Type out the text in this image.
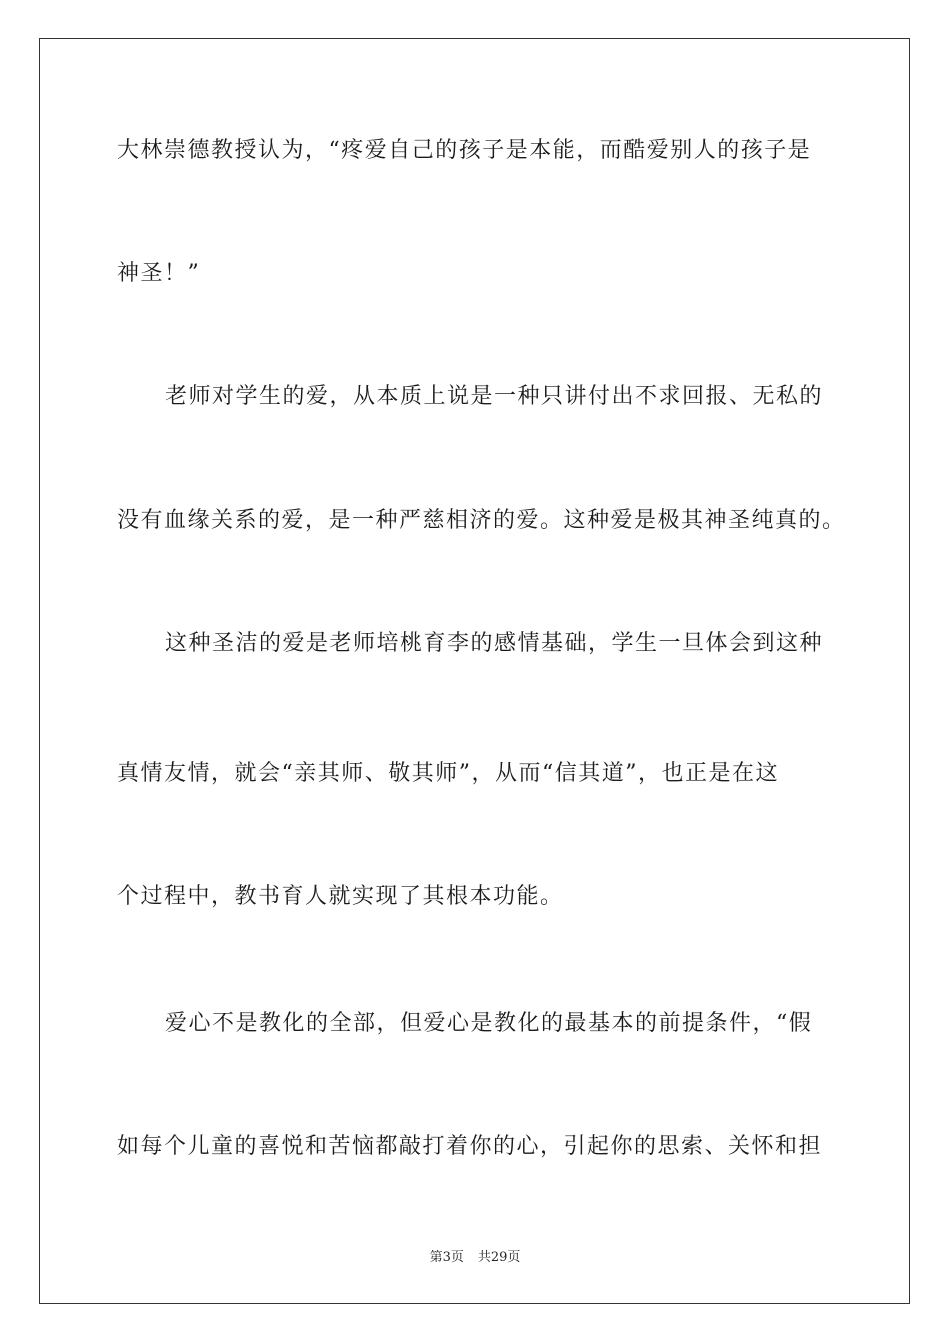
大林崇德教授认为，“疼爱自己的孩子是本能，而酷爱别人的孩子是
神圣！”
老师对学生的爱，从本质上说是一种只讲付出不求回报、无私的
没有血缘关系的爱，是一种严慈相济的爱。这种爱是极其神圣纯真的。
这种圣洁的爱是老师培桃育李的感情基础，学生一旦体会到这种
真情友情，就会“亲其师、敬其师”，从而“信其道”，也正是在这
个过程中，教书育人就实现了其根本功能。
爱心不是教化的全部，但爱心是教化的最基本的前提条件，“假
如每个儿童的喜悦和苦恼都敲打着你的心，引起你的思索、关怀和担
第3页 共29页
